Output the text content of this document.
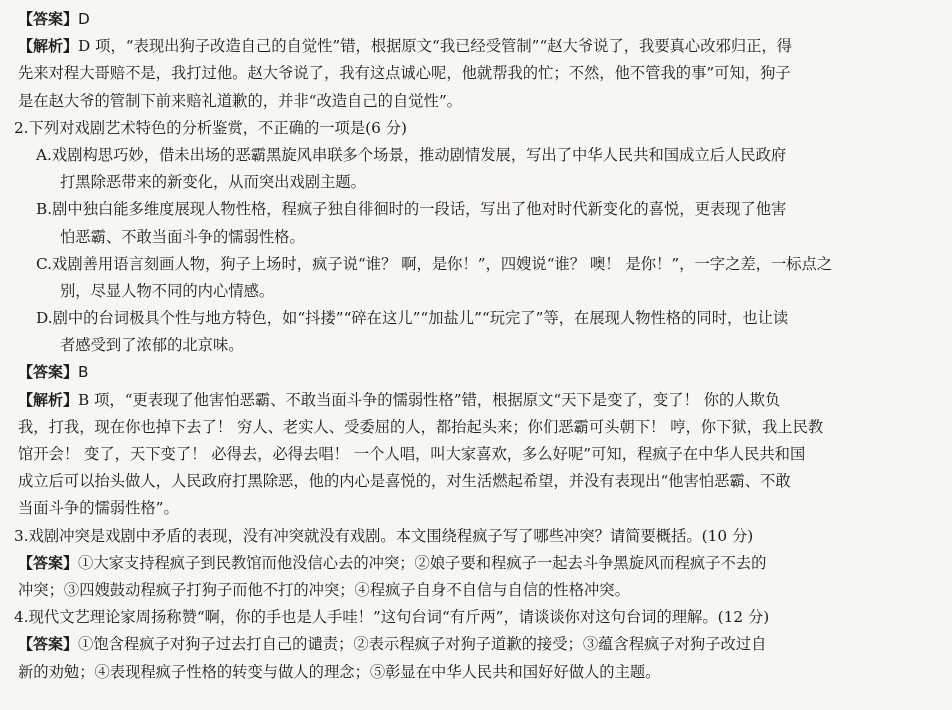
【答案】D
【解析】D 项，“表现出狗子改造自己的自觉性”错，根据原文“我已经受管制”“赵大爷说了，我要真心改邪归正，得
先来对程大哥赔不是，我打过他。赵大爷说了，我有这点诚心呢，他就帮我的忙；不然，他不管我的事”可知，狗子
是在赵大爷的管制下前来赔礼道歉的，并非“改造自己的自觉性”。
2.下列对戏剧艺术特色的分析鉴赏，不正确的一项是(6 分)
A.戏剧构思巧妙，借未出场的恶霸黑旋风串联多个场景，推动剧情发展，写出了中华人民共和国成立后人民政府
打黑除恶带来的新变化，从而突出戏剧主题。
B.剧中独白能多维度展现人物性格，程疯子独自徘徊时的一段话，写出了他对时代新变化的喜悦，更表现了他害
怕恶霸、不敢当面斗争的懦弱性格。
C.戏剧善用语言刻画人物，狗子上场时，疯子说“谁？ 啊，是你！”，四嫂说“谁？ 噢！ 是你！”，一字之差，一标点之
别，尽显人物不同的内心情感。
D.剧中的台词极具个性与地方特色，如“抖搂”“碎在这儿”“加盐儿”“玩完了”等，在展现人物性格的同时，也让读
者感受到了浓郁的北京味。
【答案】B
【解析】B 项，“更表现了他害怕恶霸、不敢当面斗争的懦弱性格”错，根据原文“天下是变了，变了！ 你的人欺负
我，打我，现在你也掉下去了！ 穷人、老实人、受委屈的人，都抬起头来；你们恶霸可头朝下！ 哼，你下狱，我上民教
馆开会！ 变了，天下变了！ 必得去，必得去唱！ 一个人唱，叫大家喜欢，多么好呢”可知，程疯子在中华人民共和国
成立后可以抬头做人，人民政府打黑除恶，他的内心是喜悦的，对生活燃起希望，并没有表现出“他害怕恶霸、不敢
当面斗争的懦弱性格”。
3.戏剧冲突是戏剧中矛盾的表现，没有冲突就没有戏剧。本文围绕程疯子写了哪些冲突？请简要概括。(10 分)
【答案】①大家支持程疯子到民教馆而他没信心去的冲突；②娘子要和程疯子一起去斗争黑旋风而程疯子不去的
冲突；③四嫂鼓动程疯子打狗子而他不打的冲突；④程疯子自身不自信与自信的性格冲突。
4.现代文艺理论家周扬称赞“啊，你的手也是人手哇！”这句台词“有斤两”，请谈谈你对这句台词的理解。(12 分)
【答案】①饱含程疯子对狗子过去打自己的谴责；②表示程疯子对狗子道歉的接受；③蕴含程疯子对狗子改过自
新的劝勉；④表现程疯子性格的转变与做人的理念；⑤彰显在中华人民共和国好好做人的主题。
